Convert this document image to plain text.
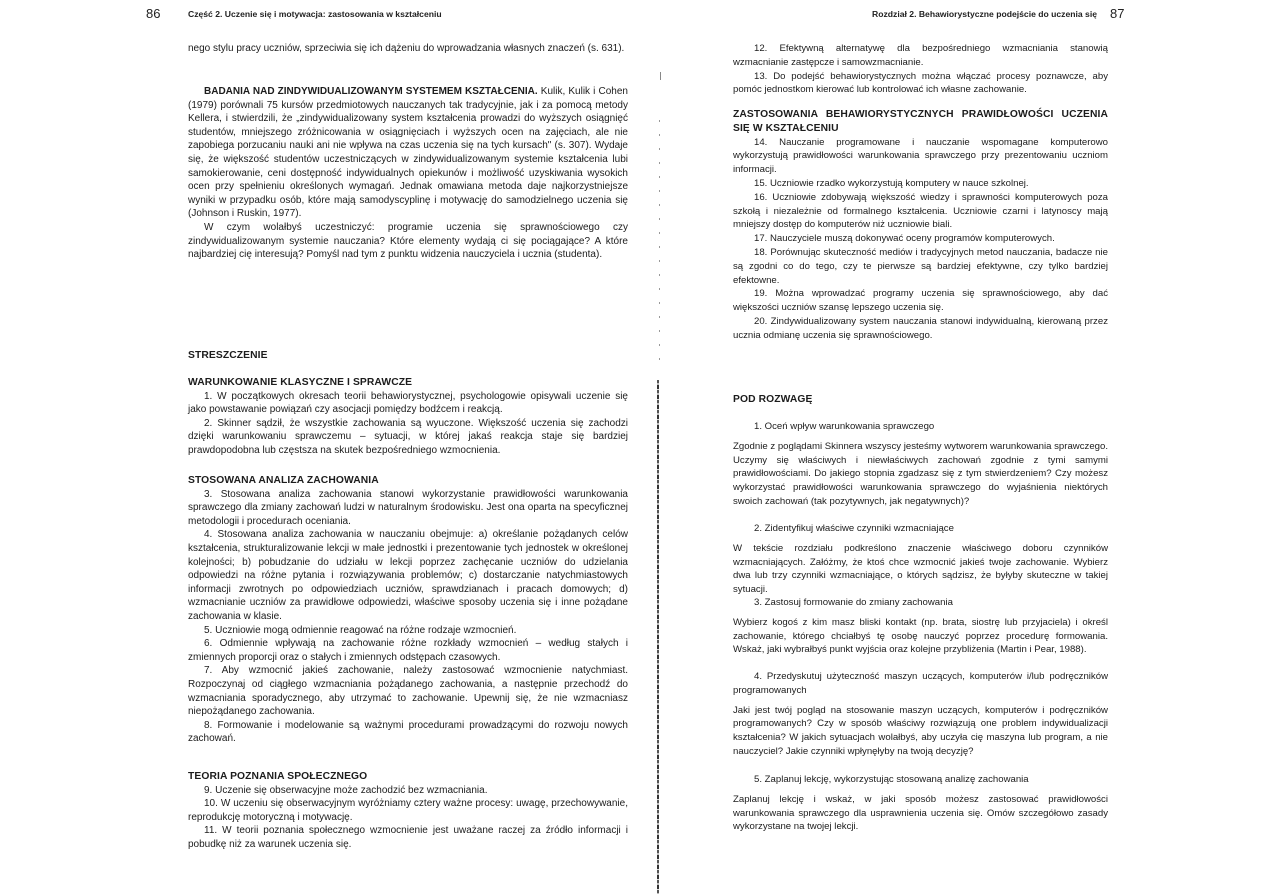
86	Część 2. Uczenie się i motywacja: zastosowania w kształceniu

nego stylu pracy uczniów, sprzeciwia się ich dążeniu do wprowadzania własnych znaczeń (s. 631).

BADANIA NAD ZINDYWIDUALIZOWANYM SYSTEMEM KSZTAŁCENIA. Kulik, Kulik i Cohen (1979) porównali 75 kursów przedmiotowych nauczanych tak tradycyjnie, jak i za pomocą metody Kellera, i stwierdzili, że „zindywidualizowany system kształcenia prowadzi do wyższych osiągnięć studentów, mniejszego zróżnicowania w osiągnięciach i wyższych ocen na zajęciach, ale nie zapobiega porzucaniu nauki ani nie wpływa na czas uczenia się na tych kursach" (s. 307). Wydaje się, że większość studentów uczestniczących w zindywidualizowanym systemie kształcenia lubi samokierowanie, ceni dostępność indywidualnych opiekunów i możliwość uzyskiwania wysokich ocen przy spełnieniu określonych wymagań. Jednak omawiana metoda daje najkorzystniejsze wyniki w przypadku osób, które mają samodyscyplinę i motywację do samodzielnego uczenia się (Johnson i Ruskin, 1977).

W czym wolałbyś uczestniczyć: programie uczenia się sprawnościowego czy zindywidualizowanym systemie nauczania? Które elementy wydają ci się pociągające? A które najbardziej cię interesują? Pomyśl nad tym z punktu widzenia nauczyciela i ucznia (studenta).

STRESZCZENIE

WARUNKOWANIE KLASYCZNE I SPRAWCZE

1. W początkowych okresach teorii behawiorystycznej, psychologowie opisywali uczenie się jako powstawanie powiązań czy asocjacji pomiędzy bodźcem i reakcją.

2. Skinner sądził, że wszystkie zachowania są wyuczone. Większość uczenia się zachodzi dzięki warunkowaniu sprawczemu – sytuacji, w której jakaś reakcja staje się bardziej prawdopodobna lub częstsza na skutek bezpośredniego wzmocnienia.

STOSOWANA ANALIZA ZACHOWANIA

3. Stosowana analiza zachowania stanowi wykorzystanie prawidłowości warunkowania sprawczego dla zmiany zachowań ludzi w naturalnym środowisku. Jest ona oparta na specyficznej metodologii i procedurach oceniania.

4. Stosowana analiza zachowania w nauczaniu obejmuje: a) określanie pożądanych celów kształcenia, strukturalizowanie lekcji w małe jednostki i prezentowanie tych jednostek w określonej kolejności; b) pobudzanie do udziału w lekcji poprzez zachęcanie uczniów do udzielania odpowiedzi na różne pytania i rozwiązywania problemów; c) dostarczanie natychmiastowych informacji zwrotnych po odpowiedziach uczniów, sprawdzianach i pracach domowych; d) wzmacnianie uczniów za prawidłowe odpowiedzi, właściwe sposoby uczenia się i inne pożądane zachowania w klasie.

5. Uczniowie mogą odmiennie reagować na różne rodzaje wzmocnień.

6. Odmiennie wpływają na zachowanie różne rozkłady wzmocnień – według stałych i zmiennych proporcji oraz o stałych i zmiennych odstępach czasowych.

7. Aby wzmocnić jakieś zachowanie, należy zastosować wzmocnienie natychmiast. Rozpoczynaj od ciągłego wzmacniania pożądanego zachowania, a następnie przechodź do wzmacniania sporadycznego, aby utrzymać to zachowanie. Upewnij się, że nie wzmacniasz niepożądanego zachowania.

8. Formowanie i modelowanie są ważnymi procedurami prowadzącymi do rozwoju nowych zachowań.

TEORIA POZNANIA SPOŁECZNEGO

9. Uczenie się obserwacyjne może zachodzić bez wzmacniania.

10. W uczeniu się obserwacyjnym wyróżniamy cztery ważne procesy: uwagę, przechowywanie, reprodukcję motoryczną i motywację.

11. W teorii poznania społecznego wzmocnienie jest uważane raczej za źródło informacji i pobudkę niż za warunek uczenia się.

Rozdział 2. Behawiorystyczne podejście do uczenia się 87

12. Efektywną alternatywę dla bezpośredniego wzmacniania stanowią wzmacnianie zastępcze i samowzmacnianie.

13. Do podejść behawiorystycznych można włączać procesy poznawcze, aby pomóc jednostkom kierować lub kontrolować ich własne zachowanie.

ZASTOSOWANIA BEHAWIORYSTYCZNYCH PRAWIDŁOWOŚCI UCZENIA SIĘ W KSZTAŁCENIU

14. Nauczanie programowane i nauczanie wspomagane komputerowo wykorzystują prawidłowości warunkowania sprawczego przy prezentowaniu uczniom informacji.

15. Uczniowie rzadko wykorzystują komputery w nauce szkolnej.

16. Uczniowie zdobywają większość wiedzy i sprawności komputerowych poza szkołą i niezależnie od formalnego kształcenia. Uczniowie czarni i latynoscy mają mniejszy dostęp do komputerów niż uczniowie biali.

17. Nauczyciele muszą dokonywać oceny programów komputerowych.

18. Porównując skuteczność mediów i tradycyjnych metod nauczania, badacze nie są zgodni co do tego, czy te pierwsze są bardziej efektywne, czy tylko bardziej efektowne.

19. Można wprowadzać programy uczenia się sprawnościowego, aby dać większości uczniów szansę lepszego uczenia się.

20. Zindywidualizowany system nauczania stanowi indywidualną, kierowaną przez ucznia odmianę uczenia się sprawnościowego.

POD ROZWAGĘ

1. Oceń wpływ warunkowania sprawczego

Zgodnie z poglądami Skinnera wszyscy jesteśmy wytworem warunkowania sprawczego. Uczymy się właściwych i niewłaściwych zachowań zgodnie z tymi samymi prawidłowościami. Do jakiego stopnia zgadzasz się z tym stwierdzeniem? Czy możesz wykorzystać prawidłowości warunkowania sprawczego do wyjaśnienia niektórych swoich zachowań (tak pozytywnych, jak negatywnych)?

2. Zidentyfikuj właściwe czynniki wzmacniające

W tekście rozdziału podkreślono znaczenie właściwego doboru czynników wzmacniających. Załóżmy, że ktoś chce wzmocnić jakieś twoje zachowanie. Wybierz dwa lub trzy czynniki wzmacniające, o których sądzisz, że byłyby skuteczne w takiej sytuacji.

3. Zastosuj formowanie do zmiany zachowania

Wybierz kogoś z kim masz bliski kontakt (np. brata, siostrę lub przyjaciela) i określ zachowanie, którego chciałbyś tę osobę nauczyć poprzez procedurę formowania. Wskaż, jaki wybrałbyś punkt wyjścia oraz kolejne przybliżenia (Martin i Pear, 1988).

4. Przedyskutuj użyteczność maszyn uczących, komputerów i/lub podręczników programowanych

Jaki jest twój pogląd na stosowanie maszyn uczących, komputerów i podręczników programowanych? Czy w sposób właściwy rozwiązują one problem indywidualizacji kształcenia? W jakich sytuacjach wolałbyś, aby uczyła cię maszyna lub program, a nie nauczyciel? Jakie czynniki wpłynęłyby na twoją decyzję?

5. Zaplanuj lekcję, wykorzystując stosowaną analizę zachowania

Zaplanuj lekcję i wskaż, w jaki sposób możesz zastosować prawidłowości warunkowania sprawczego dla usprawnienia uczenia się. Omów szczegółowo zasady wykorzystane na twojej lekcji.
